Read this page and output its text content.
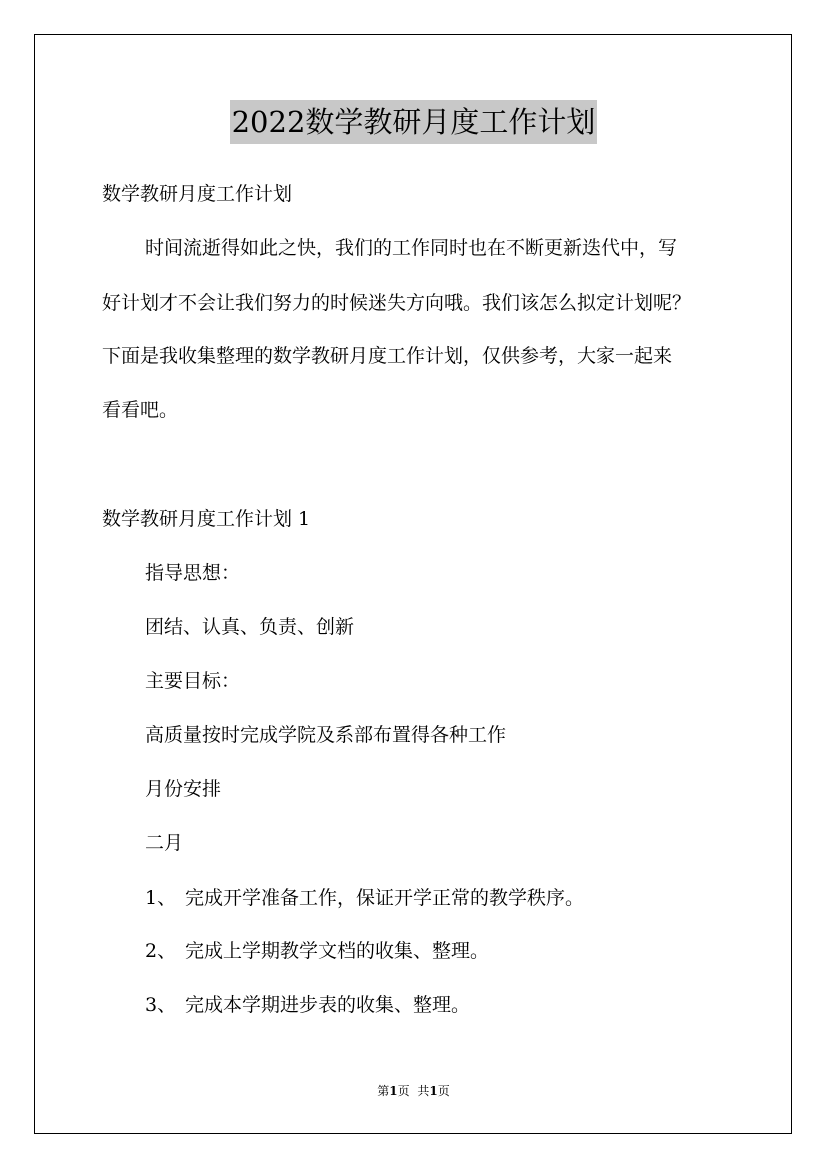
2022数学教研月度工作计划
数学教研月度工作计划
时间流逝得如此之快，我们的工作同时也在不断更新迭代中，写
好计划才不会让我们努力的时候迷失方向哦。我们该怎么拟定计划呢？
下面是我收集整理的数学教研月度工作计划，仅供参考，大家一起来
看看吧。
数学教研月度工作计划 1
指导思想：
团结、认真、负责、创新
主要目标：
高质量按时完成学院及系部布置得各种工作
月份安排
二月
1、 完成开学准备工作，保证开学正常的教学秩序。
2、 完成上学期教学文档的收集、整理。
3、 完成本学期进步表的收集、整理。
第1页 共1页
